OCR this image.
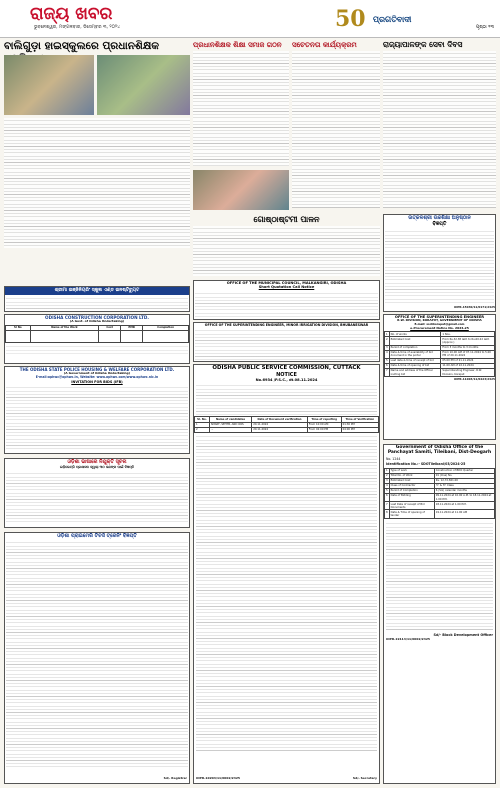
ରାଜ୍ୟ ଖବର
ଭୁବନେଶ୍ୱର, ମଙ୍ଗଳବାର, ଡିସେମ୍ବର ୩, ୨୦୨୪	50 ପ୍ରଗତିବାଦୀ
ପୃଷ୍ଠା ୧୩
ବାଲିଗୁଡ଼ା ହାଇସ୍କୁଲରେ ପ୍ରଧାନଶିକ୍ଷକ	ପ୍ରଧାନଶିକ୍ଷକ ଶିକ୍ଷା ସମାଜ ଗଠନ	ସଚେତନତା କାର୍ଯ୍ୟକ୍ରମ	ରାଜ୍ୟାପାଳଙ୍କ ସେବା ଦିବସ
ଶ୍ରୀମା ଇଞ୍ଜିନିୟରିଂ ସ୍କୁଲ ଏଣ୍ଡ ଇନଷ୍ଟିଚ୍ୟୁଟ
ଗୋଷ୍ଠାଷ୍ଟମୀ ପାଳନ	ଉତ୍କଳଶ୍ରୀ ଉଚ୍ଚଶିକ୍ଷା ଅନୁଷ୍ଠାନ
ବିଜ୍ଞପ୍ତି
OIPR-15030/11/0171/2425
OFFICE OF THE MUNICIPAL COUNCIL, MALKANGIRI, ODISHA
Short Quotation Call Notice
ODISHA CONSTRUCTION CORPORATION LTD.
(A Govt. of Odisha Undertaking)
Sl No	Name of the Work	Cost	EMD	Completion

OFFICE OF THE SUPERINTENDING ENGINEER, MINOR IRRIGATION DIVISION, BHUBANESWAR
OFFICE OF THE SUPERINTENDING ENGINEER
R.W. DIVISION, KORAPUT, GOVERNMENT OF ODISHA
E-mail: ssdrkoraput@gmail.com
e-Procurement Notice No. 2024-25
1	No. of works	1 Nos.
2	Estimated Cost	From Rs.32.38 lakh to Rs.60.22 lakh (Approx.)
3	Period of completion	From 3 months to 3 months
4	Date & time of availability of bid document in the portal	From 10.00 AM of 07.11.2024 to 5.00 PM of 20.11.2024
5	Last date & time of receipt of bid	05.00 PM of 21.11.2024
6	Date & time of opening of bid	11.00 AM of 22.11.2024
7	Name and address of the Officer inviting bid	Superintending Engineer, R.W. Division, Koraput
OIPR-11003/11/0223/2425
THE ODISHA STATE POLICE HOUSING & WELFARE CORPORATION LTD.
(A Government of Odisha Undertaking)
E-mail:ophwc@ophwc.in, Website: www.ophwc.com/www.ophwc.nic.in
INVITATION FOR BIDS (IFB)
ODISHA PUBLIC SERVICE COMMISSION, CUTTACK
NOTICE
No.6934 /P.S.C., dt.08.11.2024
Sl. No.	Name of candidates	Date of Document verification	Time of reporting	Time of Verification
1	SMART, SEHTB, AND ORS	20.11.2024	From 10:00 AM	01:30 PM
2	...	20.11.2024	From 02:00 PM	04:00 PM
OIPR-10204/11/0002/2425	Sd/- Secretary
ଓଡ଼ିଶା ଭାଷାରେ ନିଯୁକ୍ତି ସୂଚନା
ଇଡ଼ିଲେଟ୍ରି ପ୍ରଶାସନ ଦ୍ୱାରା ୩୦ ଜଣଙ୍କ ପାଇଁ ବିଜ୍ଞପ୍ତି
ଓଡ଼ିଶା ପ୍ରାଇମେରି ଟିଚର୍ସ ଟ୍ରେନିଂ ବିଜ୍ଞପ୍ତି
Sd/- Registrar
Government of Odisha Office of the Panchayat Samiti, Tileibani, Dist-Deogarh
No. 1244
Identification No.:- SDOTileibani/03/2024-25
1	Type of work	Construction of BDO Quarter
2	Total No. of Work	01 (One) No.
3	Estimated Cost	Rs. 12,72,821.00
4	Class of Contractor	'C' & 'D' Class
5	Period of Completion	6 (Six) calendar months
6	Date of Bidding	09.11.2024 at 10.00 A.M. to 18.11.2024 at 1.00 P.M.
7	Last Date of receipt of Bid Documents	18.11.2024 at 1.00 P.M.
8	Date & Time of opening of tender	19.11.2024 at 11.00 AM
Sd/- Block Development Officer
OIPR-19114/11/0002/2425
